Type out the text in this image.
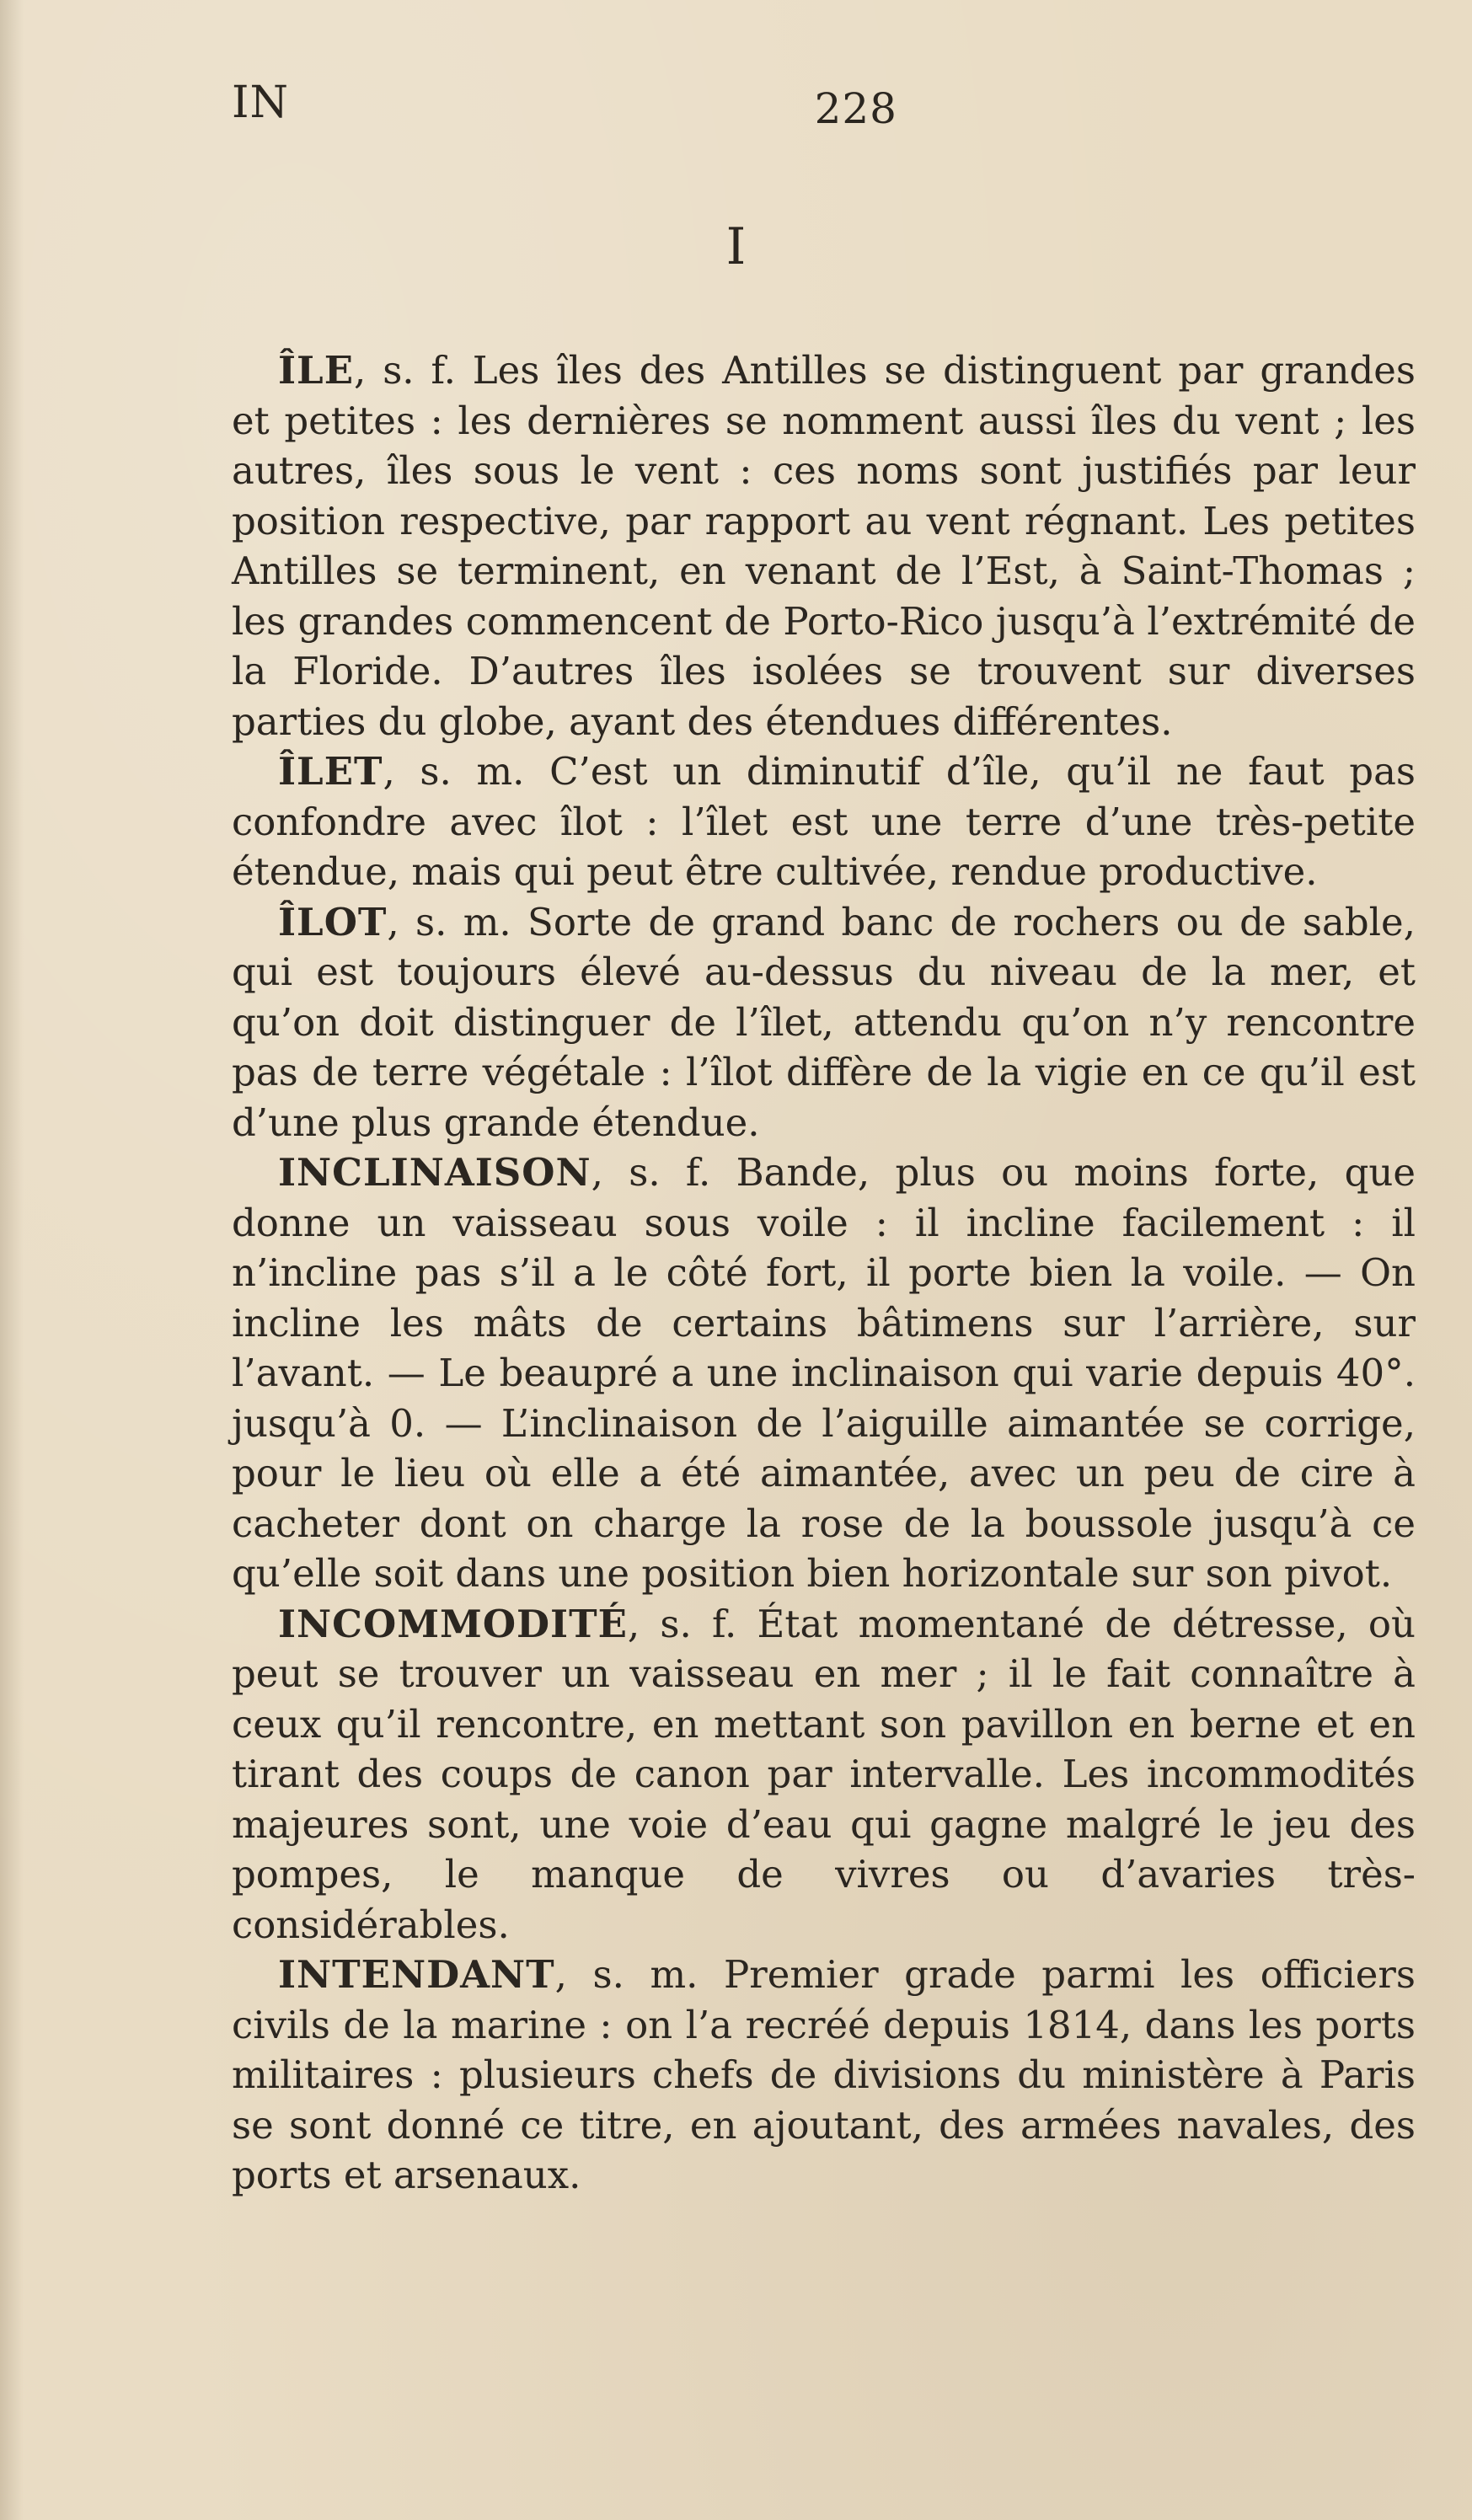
IN	228
I

ÎLE, s. f. Les îles des Antilles se distinguent par grandes et petites : les dernières se nomment aussi îles du vent ; les autres, îles sous le vent : ces noms sont justifiés par leur position respective, par rapport au vent régnant. Les petites Antilles se terminent, en venant de l’Est, à Saint-Thomas ; les grandes commencent de Porto-Rico jusqu’à l’extrémité de la Floride. D’autres îles isolées se trouvent sur diverses parties du globe, ayant des étendues différentes.

ÎLET, s. m. C’est un diminutif d’île, qu’il ne faut pas confondre avec îlot : l’îlet est une terre d’une très-petite étendue, mais qui peut être cultivée, rendue productive.

ÎLOT, s. m. Sorte de grand banc de rochers ou de sable, qui est toujours élevé au-dessus du niveau de la mer, et qu’on doit distinguer de l’îlet, attendu qu’on n’y rencontre pas de terre végétale : l’îlot diffère de la vigie en ce qu’il est d’une plus grande étendue.

INCLINAISON, s. f. Bande, plus ou moins forte, que donne un vaisseau sous voile : il incline facilement : il n’incline pas s’il a le côté fort, il porte bien la voile. — On incline les mâts de certains bâtimens sur l’arrière, sur l’avant. — Le beaupré a une inclinaison qui varie depuis 40°. jusqu’à 0. — L’inclinaison de l’aiguille aimantée se corrige, pour le lieu où elle a été aimantée, avec un peu de cire à cacheter dont on charge la rose de la boussole jusqu’à ce qu’elle soit dans une position bien horizontale sur son pivot.

INCOMMODITÉ, s. f. État momentané de détresse, où peut se trouver un vaisseau en mer ; il le fait connaître à ceux qu’il rencontre, en mettant son pavillon en berne et en tirant des coups de canon par intervalle. Les incommodités majeures sont, une voie d’eau qui gagne malgré le jeu des pompes, le manque de vivres ou d’avaries très-considérables.

INTENDANT, s. m. Premier grade parmi les officiers civils de la marine : on l’a recréé depuis 1814, dans les ports militaires : plusieurs chefs de divisions du ministère à Paris se sont donné ce titre, en ajoutant, des armées navales, des ports et arsenaux.
